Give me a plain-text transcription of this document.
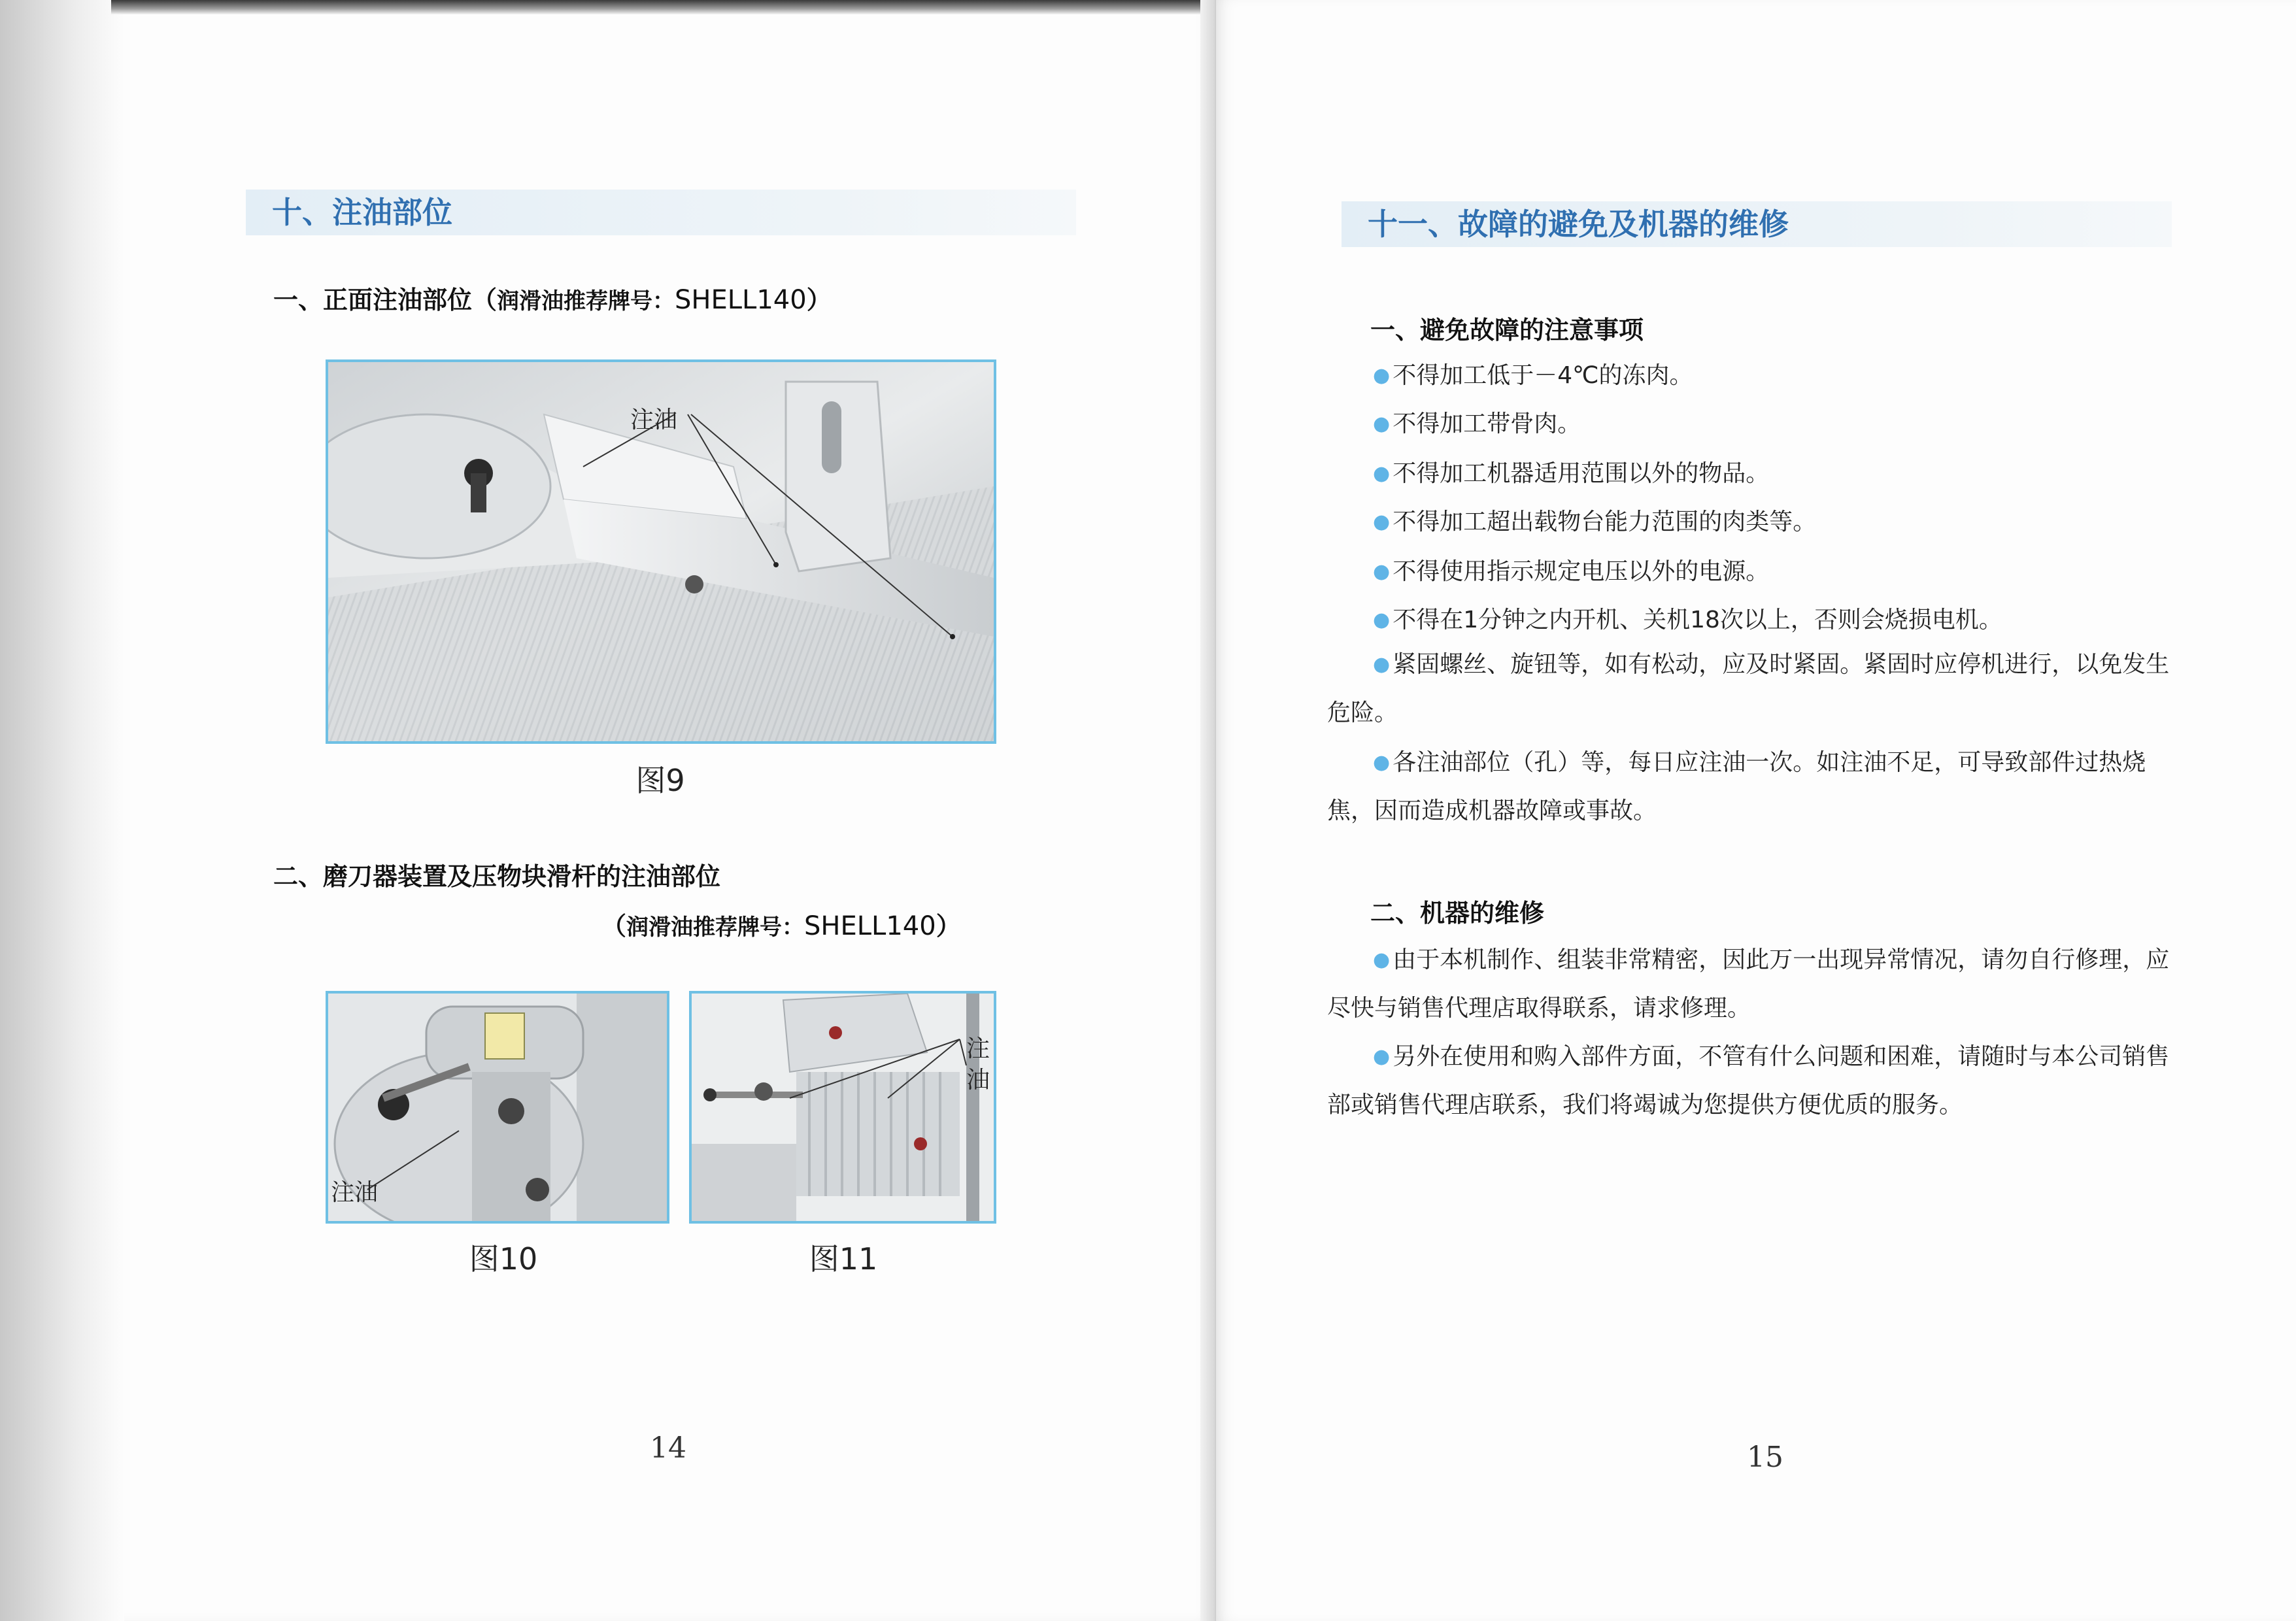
十、注油部位
一、正面注油部位（润滑油推荐牌号：SHELL140）
注油
图9
二、磨刀器装置及压物块滑杆的注油部位
（润滑油推荐牌号：SHELL140）
注油
图10
注
油
图11
14
十一、故障的避免及机器的维修
一、避免故障的注意事项
● 不得加工低于－4℃的冻肉。
● 不得加工带骨肉。
● 不得加工机器适用范围以外的物品。
● 不得加工超出载物台能力范围的肉类等。
● 不得使用指示规定电压以外的电源。
● 不得在1分钟之内开机、关机18次以上，否则会烧损电机。
● 紧固螺丝、旋钮等，如有松动，应及时紧固。紧固时应停机进行，以免发生危险。
● 各注油部位（孔）等，每日应注油一次。如注油不足，可导致部件过热烧焦，因而造成机器故障或事故。
二、机器的维修
● 由于本机制作、组装非常精密，因此万一出现异常情况，请勿自行修理，应尽快与销售代理店取得联系，请求修理。
● 另外在使用和购入部件方面，不管有什么问题和困难，请随时与本公司销售部或销售代理店联系，我们将竭诚为您提供方便优质的服务。
15
